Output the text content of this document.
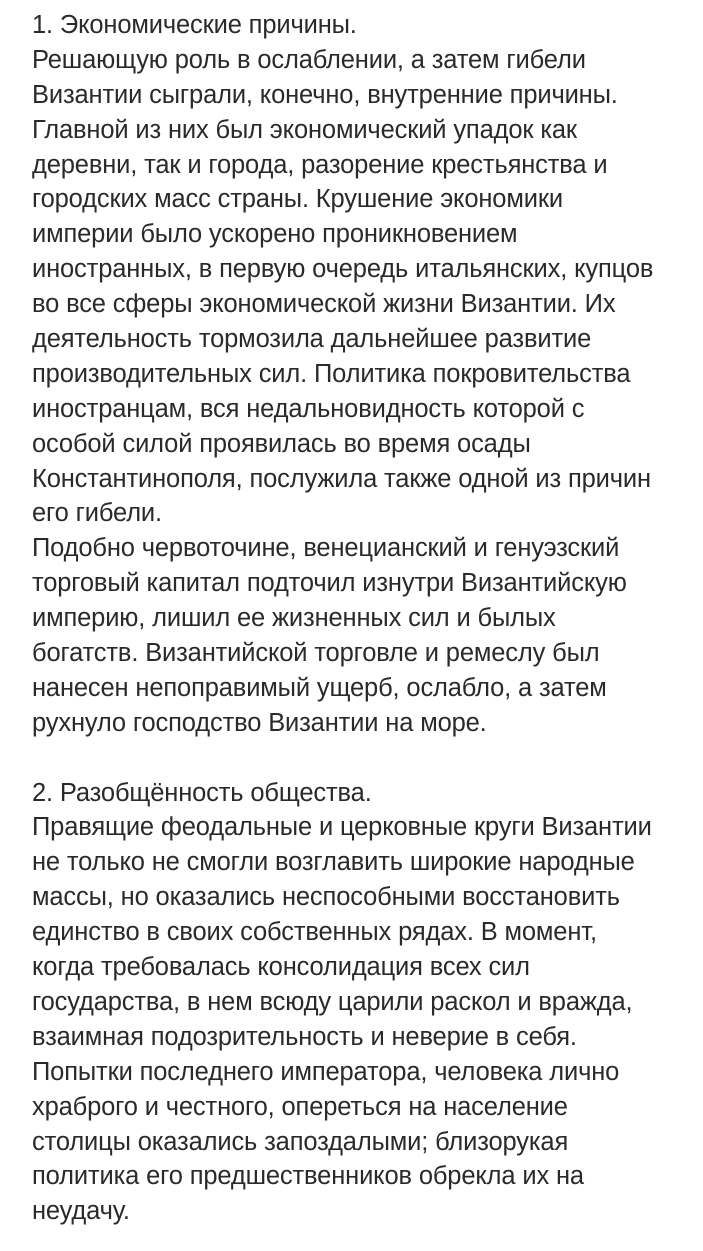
1. Экономические причины.
Решающую роль в ослаблении, а затем гибели
Византии сыграли, конечно, внутренние причины.
Главной из них был экономический упадок как
деревни, так и города, разорение крестьянства и
городских масс страны. Крушение экономики
империи было ускорено проникновением
иностранных, в первую очередь итальянских, купцов
во все сферы экономической жизни Византии. Их
деятельность тормозила дальнейшее развитие
производительных сил. Политика покровительства
иностранцам, вся недальновидность которой с
особой силой проявилась во время осады
Константинополя, послужила также одной из причин
его гибели.
Подобно червоточине, венецианский и генуэзский
торговый капитал подточил изнутри Византийскую
империю, лишил ее жизненных сил и былых
богатств. Византийской торговле и ремеслу был
нанесен непоправимый ущерб, ослабло, а затем
рухнуло господство Византии на море.
2. Разобщённость общества.
Правящие феодальные и церковные круги Византии
не только не смогли возглавить широкие народные
массы, но оказались неспособными восстановить
единство в своих собственных рядах. В момент,
когда требовалась консолидация всех сил
государства, в нем всюду царили раскол и вражда,
взаимная подозрительность и неверие в себя.
Попытки последнего императора, человека лично
храброго и честного, опереться на население
столицы оказались запоздалыми; близорукая
политика его предшественников обрекла их на
неудачу.
